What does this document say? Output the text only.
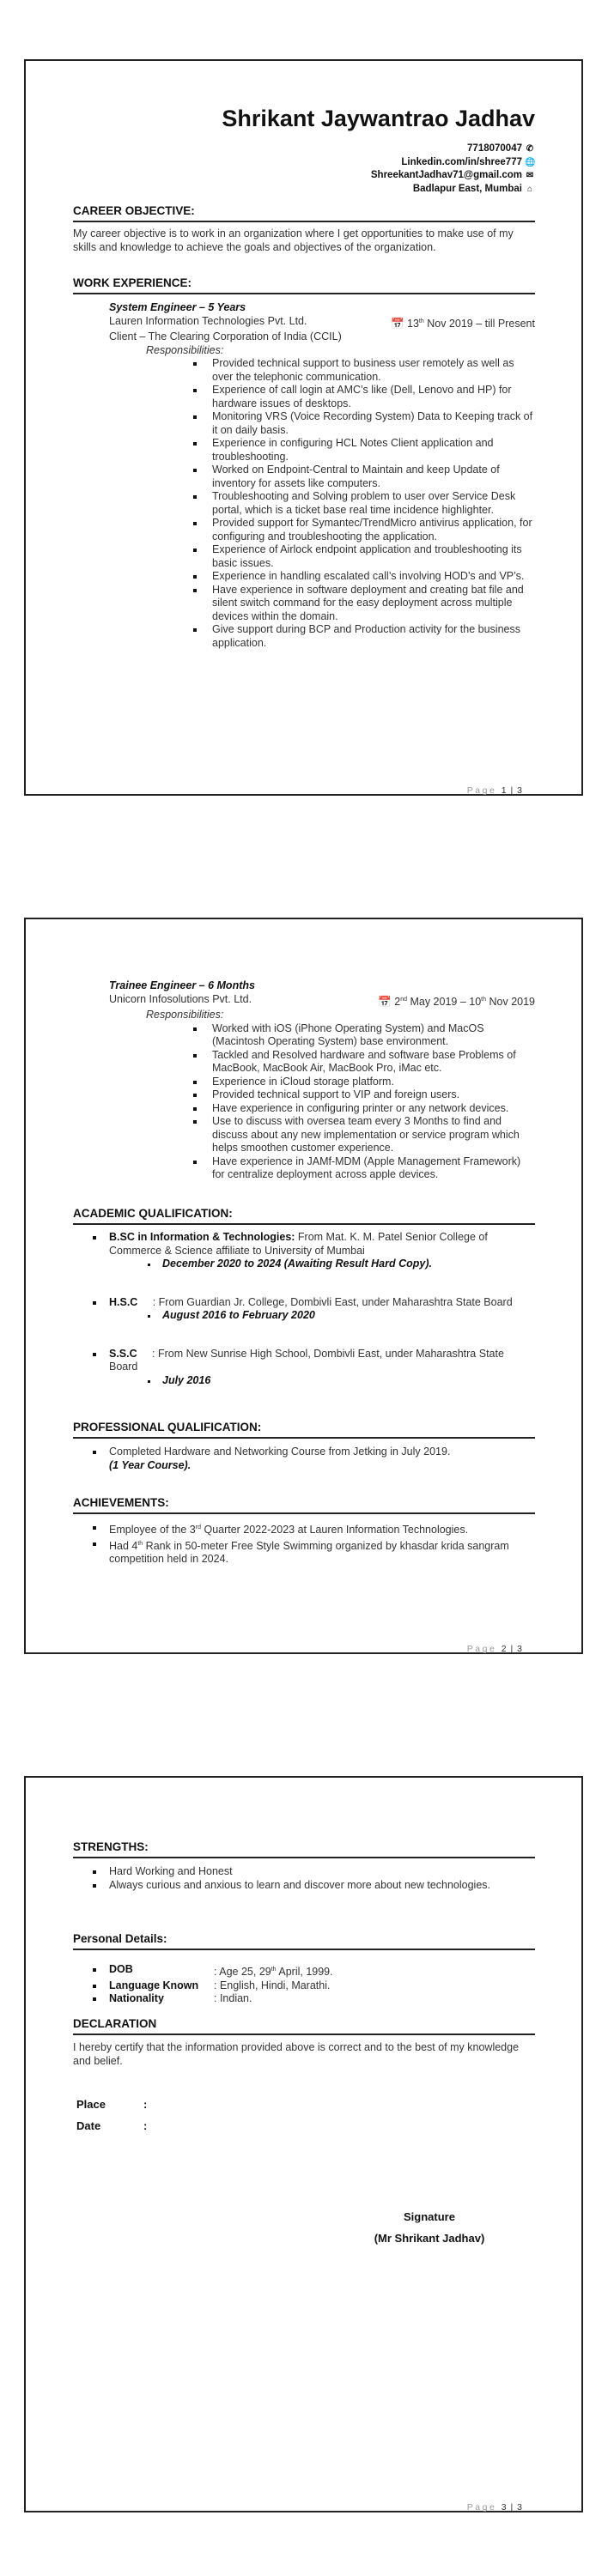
Shrikant Jaywantrao Jadhav
7718070047 ✆
Linkedin.com/in/shree777 🌐
ShreekantJadhav71@gmail.com ✉
Badlapur East, Mumbai ⌂
CAREER OBJECTIVE:
My career objective is to work in an organization where I get opportunities to make use of my skills and knowledge to achieve the goals and objectives of the organization.
WORK EXPERIENCE:
System Engineer – 5 Years
Lauren Information Technologies Pvt. Ltd.	📅 13th Nov 2019 – till Present
Client – The Clearing Corporation of India (CCIL)
Responsibilities:
Provided technical support to business user remotely as well as over the telephonic communication.
Experience of call login at AMC’s like (Dell, Lenovo and HP) for hardware issues of desktops.
Monitoring VRS (Voice Recording System) Data to Keeping track of it on daily basis.
Experience in configuring HCL Notes Client application and troubleshooting.
Worked on Endpoint-Central to Maintain and keep Update of inventory for assets like computers.
Troubleshooting and Solving problem to user over Service Desk portal, which is a ticket base real time incidence highlighter.
Provided support for Symantec/TrendMicro antivirus application, for configuring and troubleshooting the application.
Experience of Airlock endpoint application and troubleshooting its basic issues.
Experience in handling escalated call’s involving HOD’s and VP’s.
Have experience in software deployment and creating bat file and silent switch command for the easy deployment across multiple devices within the domain.
Give support during BCP and Production activity for the business application.
Page 1 | 3
Trainee Engineer – 6 Months
Unicorn Infosolutions Pvt. Ltd.	📅 2nd May 2019 – 10th Nov 2019
Responsibilities:
Worked with iOS (iPhone Operating System) and MacOS (Macintosh Operating System) base environment.
Tackled and Resolved hardware and software base Problems of MacBook, MacBook Air, MacBook Pro, iMac etc.
Experience in iCloud storage platform.
Provided technical support to VIP and foreign users.
Have experience in configuring printer or any network devices.
Use to discuss with oversea team every 3 Months to find and discuss about any new implementation or service program which helps smoothen customer experience.
Have experience in JAMf-MDM (Apple Management Framework) for centralize deployment across apple devices.
ACADEMIC QUALIFICATION:
B.SC in Information & Technologies: From Mat. K. M. Patel Senior College of Commerce & Science affiliate to University of Mumbai
December 2020 to 2024 (Awaiting Result Hard Copy).
H.S.C     : From Guardian Jr. College, Dombivli East, under Maharashtra State Board
August 2016 to February 2020
S.S.C     : From New Sunrise High School, Dombivli East, under Maharashtra State Board
July 2016
PROFESSIONAL QUALIFICATION:
Completed Hardware and Networking Course from Jetking in July 2019.
(1 Year Course).
ACHIEVEMENTS:
Employee of the 3rd Quarter 2022-2023 at Lauren Information Technologies.
Had 4th Rank in 50-meter Free Style Swimming organized by khasdar krida sangram competition held in 2024.
Page 2 | 3
STRENGTHS:
Hard Working and Honest
Always curious and anxious to learn and discover more about new technologies.
Personal Details:
DOB	: Age 25, 29th April, 1999.
Language Known	: English, Hindi, Marathi.
Nationality	: Indian.
DECLARATION
I hereby certify that the information provided above is correct and to the best of my knowledge and belief.
Place	:
Date	:
Signature
(Mr Shrikant Jadhav)
Page 3 | 3
